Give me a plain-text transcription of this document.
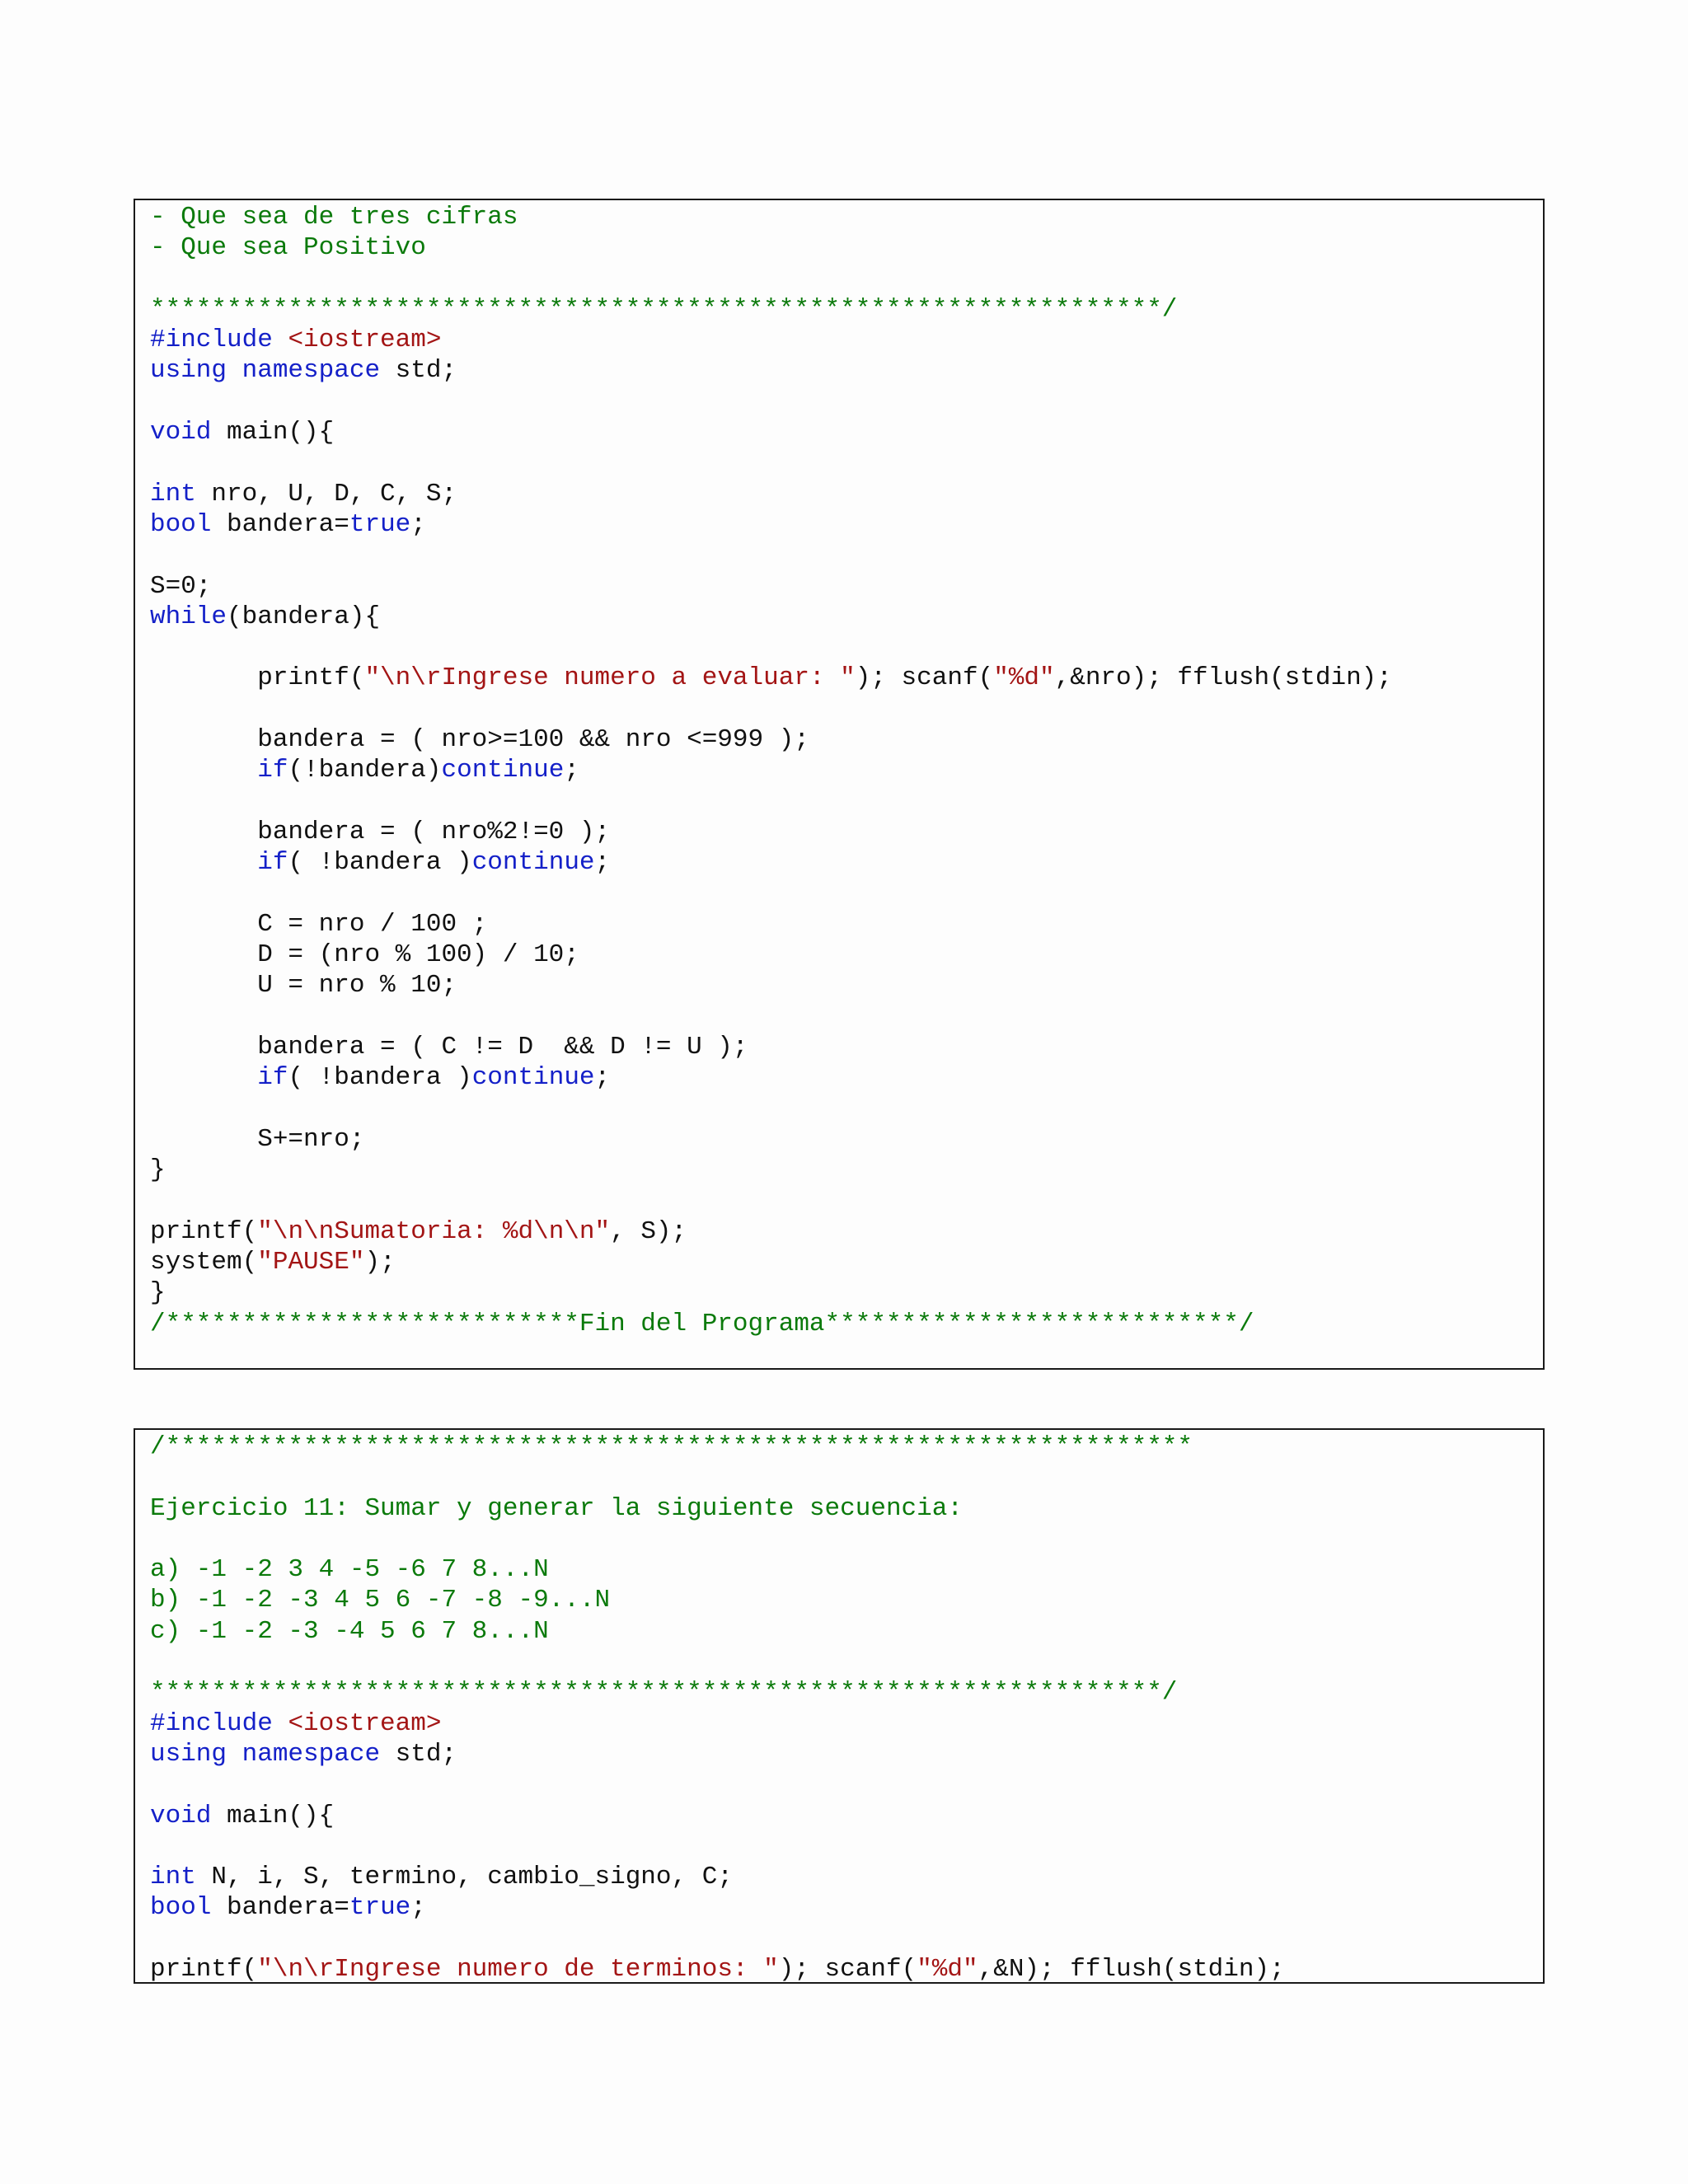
- Que sea de tres cifras
- Que sea Positivo
******************************************************************/
#include <iostream>
using namespace std;
void main(){
int nro, U, D, C, S;
bool bandera=true;
S=0;
while(bandera){
printf("\n\rIngrese numero a evaluar: "); scanf("%d",&nro); fflush(stdin);
bandera = ( nro>=100 && nro <=999 );
if(!bandera)continue;
bandera = ( nro%2!=0 );
if( !bandera )continue;
C = nro / 100 ;
D = (nro % 100) / 10;
U = nro % 10;
bandera = ( C != D  && D != U );
if( !bandera )continue;
S+=nro;
}
printf("\n\nSumatoria: %d\n\n", S);
system("PAUSE");
}
/***************************Fin del Programa***************************/
/*******************************************************************
Ejercicio 11: Sumar y generar la siguiente secuencia:
a) -1 -2 3 4 -5 -6 7 8...N
b) -1 -2 -3 4 5 6 -7 -8 -9...N
c) -1 -2 -3 -4 5 6 7 8...N
******************************************************************/
#include <iostream>
using namespace std;
void main(){
int N, i, S, termino, cambio_signo, C;
bool bandera=true;
printf("\n\rIngrese numero de terminos: "); scanf("%d",&N); fflush(stdin);
